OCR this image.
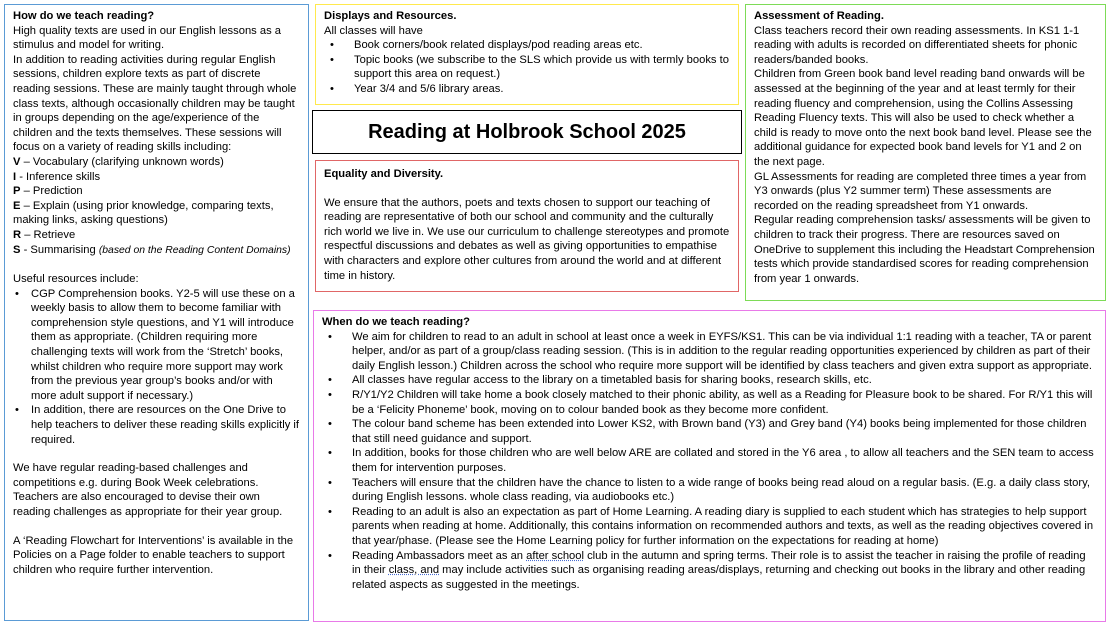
How do we teach reading?

High quality texts are used in our English lessons as a stimulus and model for writing.

In addition to reading activities during regular English sessions, children explore texts as part of discrete reading sessions. These are mainly taught through whole class texts, although occasionally children may be taught in groups depending on the age/experience of the children and the texts themselves. These sessions will focus on a variety of reading skills including:

V – Vocabulary (clarifying unknown words)

I - Inference skills

P – Prediction

E – Explain (using prior knowledge, comparing texts, making links, asking questions)

R – Retrieve

S - Summarising (based on the Reading Content Domains)

Useful resources include:

• CGP Comprehension books. Y2-5 will use these on a weekly basis to allow them to become familiar with comprehension style questions, and Y1 will introduce them as appropriate. (Children requiring more challenging texts will work from the ‘Stretch’ books, whilst children who require more support may work from the previous year group’s books and/or with more adult support if necessary.)
• In addition, there are resources on the One Drive to help teachers to deliver these reading skills explicitly if required.

We have regular reading-based challenges and competitions e.g. during Book Week celebrations. Teachers are also encouraged to devise their own reading challenges as appropriate for their year group.

A ‘Reading Flowchart for Interventions’ is available in the Policies on a Page folder to enable teachers to support children who require further intervention.

Displays and Resources.

All classes will have

• Book corners/book related displays/pod reading areas etc.
• Topic books (we subscribe to the SLS which provide us with termly books to support this area on request.)
• Year 3/4 and 5/6 library areas.
Reading at Holbrook School 2025

Equality and Diversity.

We ensure that the authors, poets and texts chosen to support our teaching of reading are representative of both our school and community and the culturally rich world we live in. We use our curriculum to challenge stereotypes and promote respectful discussions and debates as well as giving opportunities to empathise with characters and explore other cultures from around the world and at different time in history.

Assessment of Reading.

Class teachers record their own reading assessments. In KS1 1-1 reading with adults is recorded on differentiated sheets for phonic readers/banded books.

Children from Green book band level reading band onwards will be assessed at the beginning of the year and at least termly for their reading fluency and comprehension, using the Collins Assessing Reading Fluency texts. This will also be used to check whether a child is ready to move onto the next book band level. Please see the additional guidance for expected book band levels for Y1 and 2 on the next page.

GL Assessments for reading are completed three times a year from Y3 onwards (plus Y2 summer term) These assessments are recorded on the reading spreadsheet from Y1 onwards.

Regular reading comprehension tasks/ assessments will be given to children to track their progress. There are resources saved on OneDrive to supplement this including the Headstart Comprehension tests which provide standardised scores for reading comprehension from year 1 onwards.

When do we teach reading?

• We aim for children to read to an adult in school at least once a week in EYFS/KS1. This can be via individual 1:1 reading with a teacher, TA or parent helper, and/or as part of a group/class reading session. (This is in addition to the regular reading opportunities experienced by children as part of their daily English lesson.) Children across the school who require more support will be identified by class teachers and given extra support as appropriate.
• All classes have regular access to the library on a timetabled basis for sharing books, research skills, etc.
• R/Y1/Y2 Children will take home a book closely matched to their phonic ability, as well as a Reading for Pleasure book to be shared. For R/Y1 this will be a ‘Felicity Phoneme’ book, moving on to colour banded book as they become more confident.
• The colour band scheme has been extended into Lower KS2, with Brown band (Y3) and Grey band (Y4) books being implemented for those children that still need guidance and support.
• In addition, books for those children who are well below ARE are collated and stored in the Y6 area , to allow all teachers and the SEN team to access them for intervention purposes.
• Teachers will ensure that the children have the chance to listen to a wide range of books being read aloud on a regular basis. (E.g. a daily class story, during English lessons. whole class reading, via audiobooks etc.)
• Reading to an adult is also an expectation as part of Home Learning. A reading diary is supplied to each student which has strategies to help support parents when reading at home. Additionally, this contains information on recommended authors and texts, as well as the reading objectives covered in that year/phase. (Please see the Home Learning policy for further information on the expectations for reading at home)
• Reading Ambassadors meet as an after school club in the autumn and spring terms. Their role is to assist the teacher in raising the profile of reading in their class, and may include activities such as organising reading areas/displays, returning and checking out books in the library and other reading related aspects as suggested in the meetings.
